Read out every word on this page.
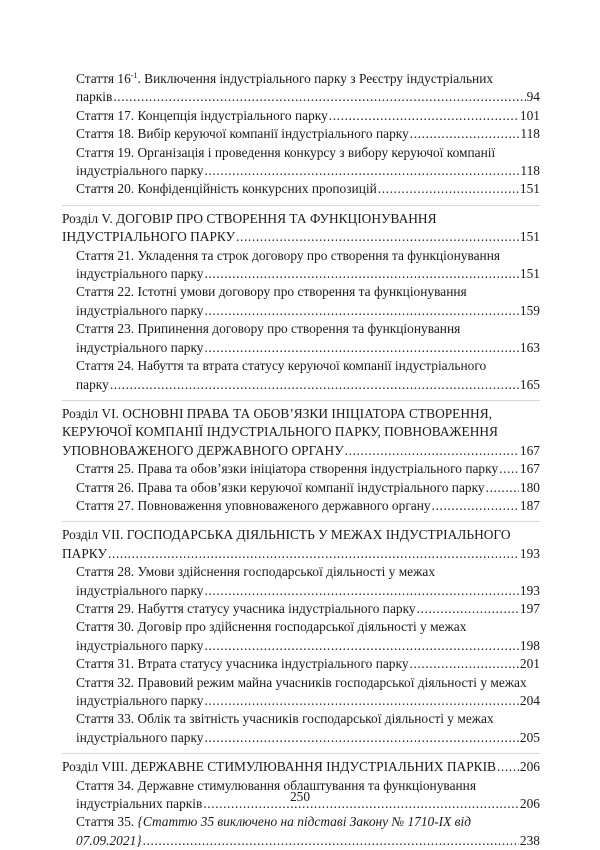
Стаття $16^{-1}$. Виключення індустріального парку з Реєстру індустріальних
парків .....	94
Стаття 17. Концепція індустріального парку .....	101
Стаття 18. Вибір керуючої компанії індустріального парку .....	118
Стаття 19. Організація і проведення конкурсу з вибору керуючої компанії
індустріального парку .....	118
Стаття 20. Конфіденційність конкурсних пропозицій .....	151
Розділ V. ДОГОВІР ПРО СТВОРЕННЯ ТА ФУНКЦІОНУВАННЯ
ІНДУСТРІАЛЬНОГО ПАРКУ .....	151
Стаття 21. Укладення та строк договору про створення та функціонування
індустріального парку .....	151
Стаття 22. Істотні умови договору про створення та функціонування
індустріального парку .....	159
Стаття 23. Припинення договору про створення та функціонування
індустріального парку .....	163
Стаття 24. Набуття та втрата статусу керуючої компанії індустріального
парку .....	165
Розділ VI. ОСНОВНІ ПРАВА ТА ОБОВ’ЯЗКИ ІНІЦІАТОРА СТВОРЕННЯ,
КЕРУЮЧОЇ КОМПАНІЇ ІНДУСТРІАЛЬНОГО ПАРКУ, ПОВНОВАЖЕННЯ
УПОВНОВАЖЕНОГО ДЕРЖАВНОГО ОРГАНУ .....	167
Стаття 25. Права та обов’язки ініціатора створення індустріального парку ..... 167
Стаття 26. Права та обов’язки керуючої компанії індустріального парку .....	180
Стаття 27. Повноваження уповноваженого державного органу .....	187
Розділ VII. ГОСПОДАРСЬКА ДІЯЛЬНІСТЬ У МЕЖАХ ІНДУСТРІАЛЬНОГО
ПАРКУ .....	193
Стаття 28. Умови здійснення господарської діяльності у межах
індустріального парку .....	193
Стаття 29. Набуття статусу учасника індустріального парку .....	197
Стаття 30. Договір про здійснення господарської діяльності у межах
індустріального парку .....	198
Стаття 31. Втрата статусу учасника індустріального парку .....	201
Стаття 32. Правовий режим майна учасників господарської діяльності у межах
індустріального парку .....	204
Стаття 33. Облік та звітність учасників господарської діяльності у межах
індустріального парку .....	205
Розділ VIII. ДЕРЖАВНЕ СТИМУЛЮВАННЯ ІНДУСТРІАЛЬНИХ ПАРКІВ ..... 206
Стаття 34. Державне стимулювання облаштування та функціонування
індустріальних парків .....	206
Стаття 35. {Статтю 35 виключено на підставі Закону № 1710-IX від
07.09.2021} .....	238
250
